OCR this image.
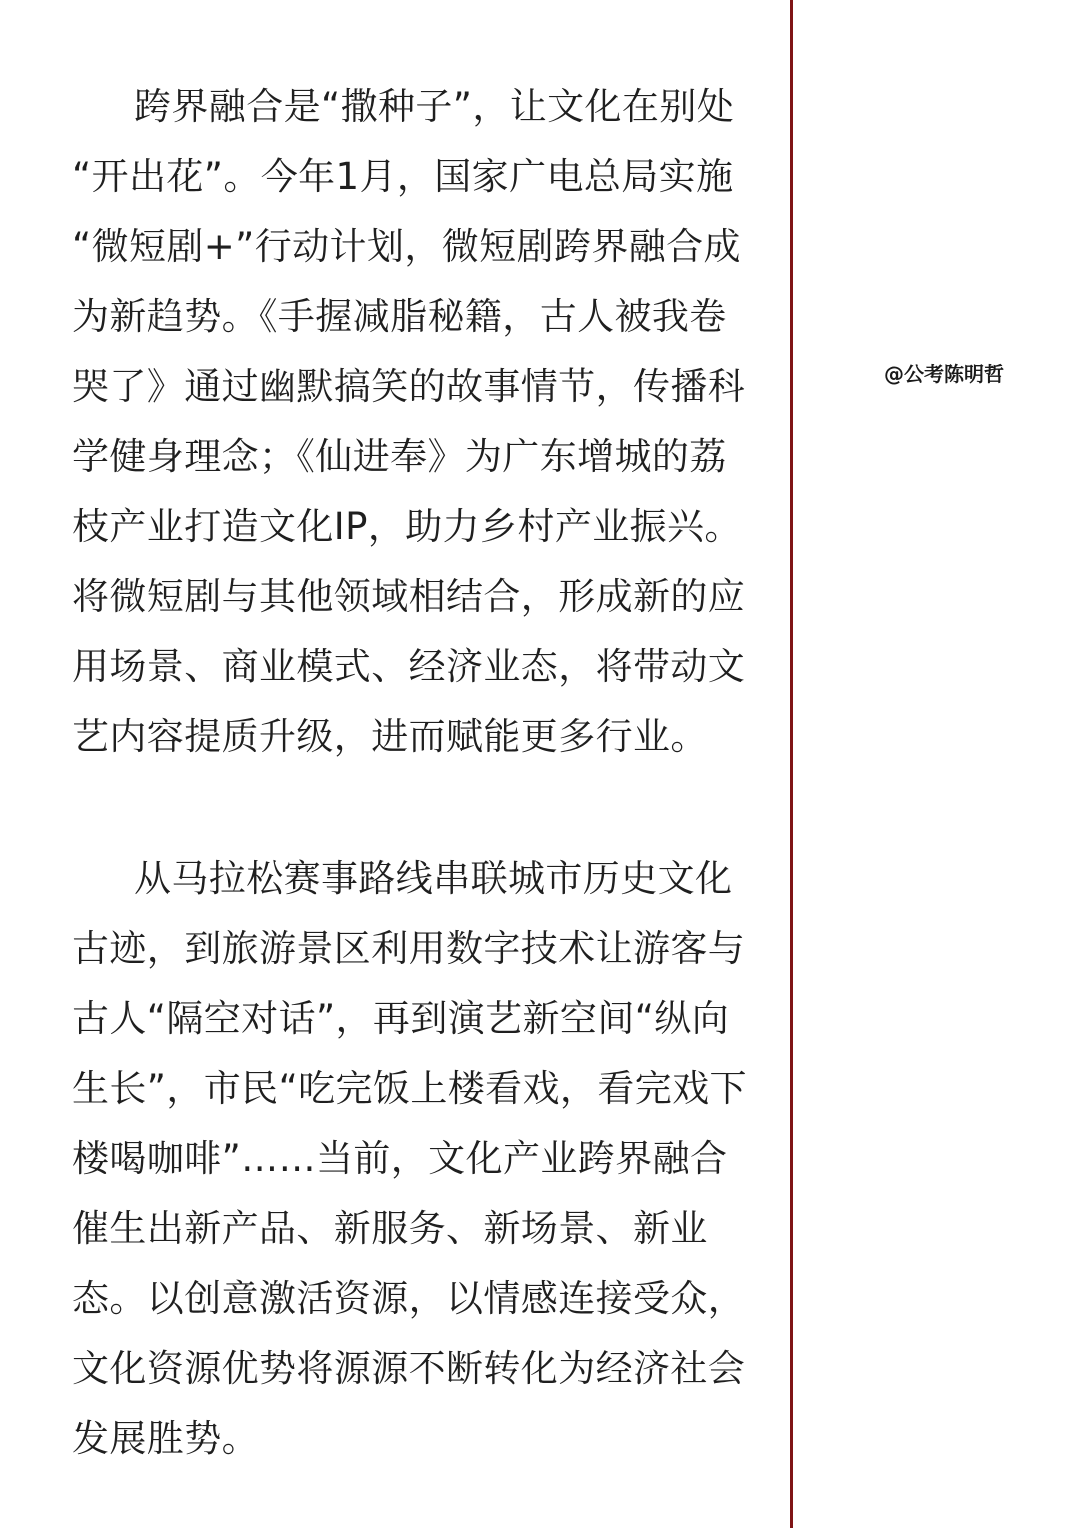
跨界融合是“撒种子”，让文化在别处
“开出花”。今年1月，国家广电总局实施
“微短剧+”行动计划，微短剧跨界融合成
为新趋势。《手握减脂秘籍，古人被我卷
哭了》通过幽默搞笑的故事情节，传播科
学健身理念；《仙进奉》为广东增城的荔
枝产业打造文化IP，助力乡村产业振兴。
将微短剧与其他领域相结合，形成新的应
用场景、商业模式、经济业态，将带动文
艺内容提质升级，进而赋能更多行业。
从马拉松赛事路线串联城市历史文化
古迹，到旅游景区利用数字技术让游客与
古人“隔空对话”，再到演艺新空间“纵向
生长”，市民“吃完饭上楼看戏，看完戏下
楼喝咖啡”……当前，文化产业跨界融合
催生出新产品、新服务、新场景、新业
态。以创意激活资源，以情感连接受众，
文化资源优势将源源不断转化为经济社会
发展胜势。
@公考陈明哲
